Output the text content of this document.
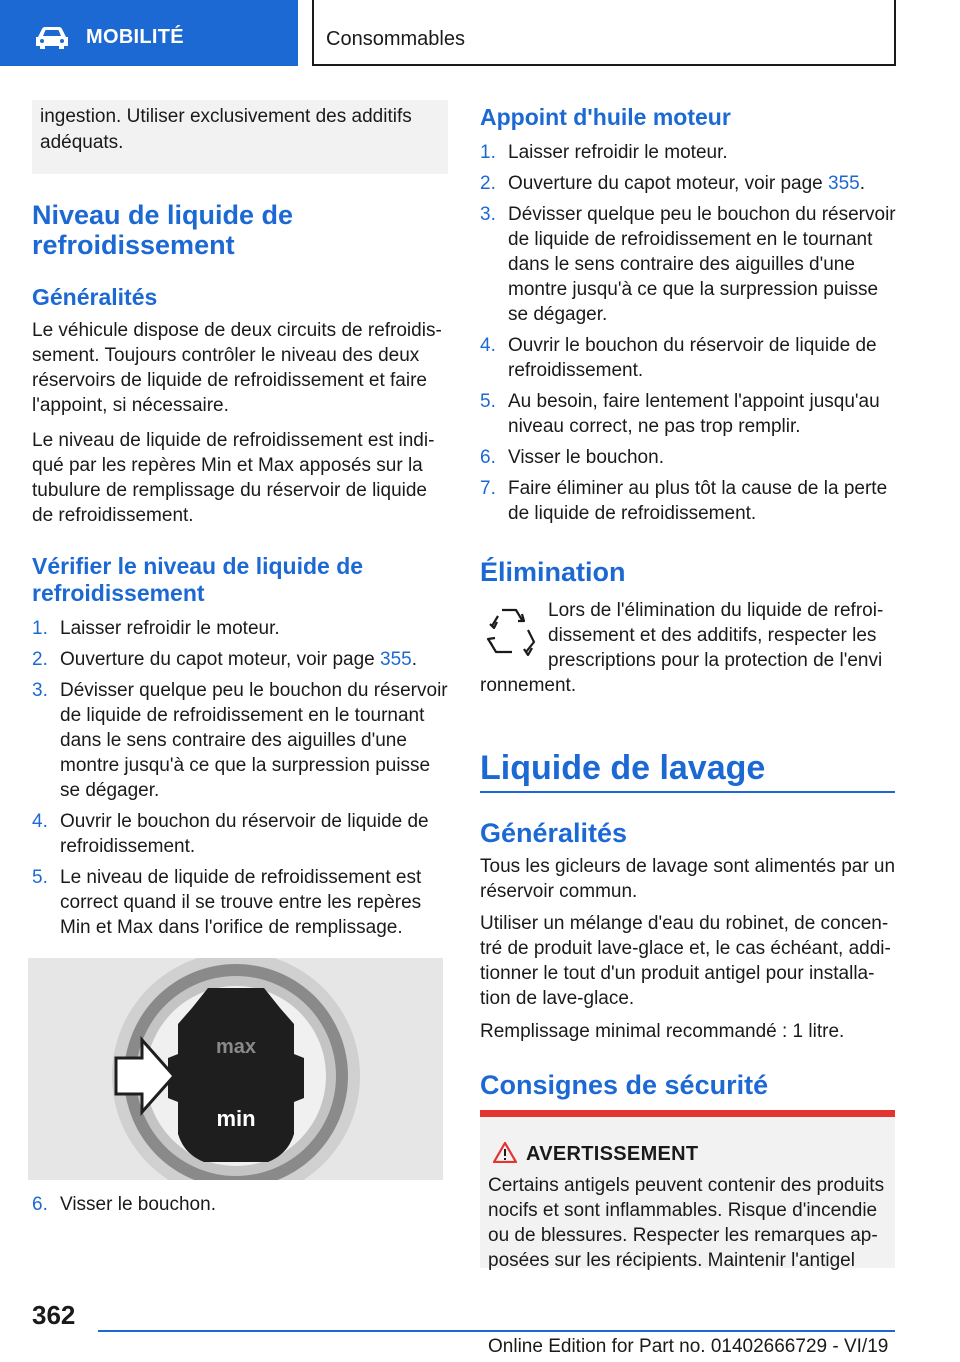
MOBILITÉ	Consommables
ingestion. Utiliser exclusivement des additifs adéquats.
Niveau de liquide de refroidissement
Généralités
Le véhicule dispose de deux circuits de refroidissement. Toujours contrôler le niveau des deux réservoirs de liquide de refroidissement et faire l'appoint, si nécessaire.
Le niveau de liquide de refroidissement est indiqué par les repères Min et Max apposés sur la tubulure de remplissage du réservoir de liquide de refroidissement.
Vérifier le niveau de liquide de refroidissement
1. Laisser refroidir le moteur.
2. Ouverture du capot moteur, voir page 355.
3. Dévisser quelque peu le bouchon du réservoir de liquide de refroidissement en le tournant dans le sens contraire des aiguilles d'une montre jusqu'à ce que la surpression puisse se dégager.
4. Ouvrir le bouchon du réservoir de liquide de refroidissement.
5. Le niveau de liquide de refroidissement est correct quand il se trouve entre les repères Min et Max dans l'orifice de remplissage.
max
min
6. Visser le bouchon.
Appoint d'huile moteur
1. Laisser refroidir le moteur.
2. Ouverture du capot moteur, voir page 355.
3. Dévisser quelque peu le bouchon du réservoir de liquide de refroidissement en le tournant dans le sens contraire des aiguilles d'une montre jusqu'à ce que la surpression puisse se dégager.
4. Ouvrir le bouchon du réservoir de liquide de refroidissement.
5. Au besoin, faire lentement l'appoint jusqu'au niveau correct, ne pas trop remplir.
6. Visser le bouchon.
7. Faire éliminer au plus tôt la cause de la perte de liquide de refroidissement.
Élimination
Lors de l'élimination du liquide de refroidissement et des additifs, respecter les prescriptions pour la protection de l'envi
ronnement.
Liquide de lavage
Généralités
Tous les gicleurs de lavage sont alimentés par un réservoir commun.
Utiliser un mélange d'eau du robinet, de concentré de produit lave-glace et, le cas échéant, additionner le tout d'un produit antigel pour installation de lave-glace.
Remplissage minimal recommandé : 1 litre.
Consignes de sécurité
AVERTISSEMENT
Certains antigels peuvent contenir des produits nocifs et sont inflammables. Risque d'incendie ou de blessures. Respecter les remarques apposées sur les récipients. Maintenir l'antigel
362
Online Edition for Part no. 01402666729 - VI/19
